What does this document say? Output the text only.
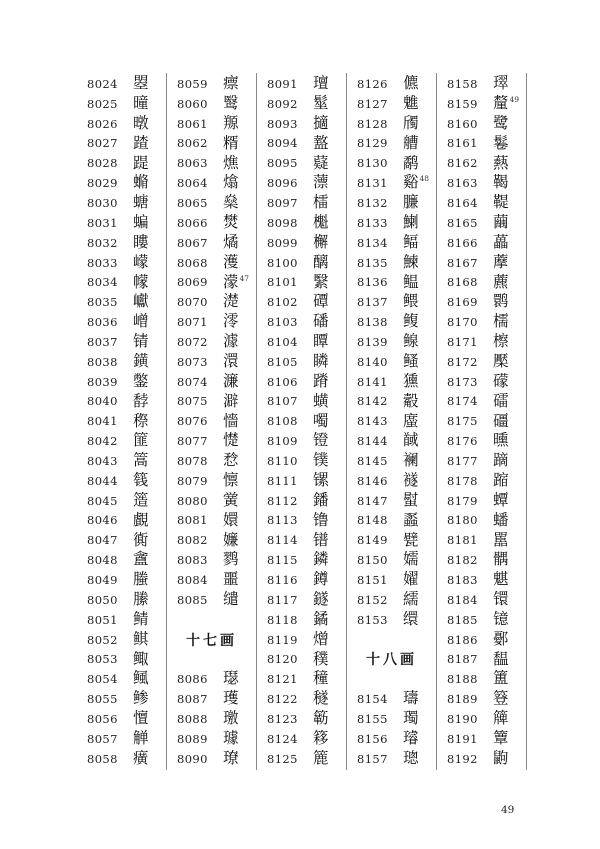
8024 曌
8025 曈
8026 暾
8027 蹅
8028 踶
8029 䗛
8030 螗
8031 蝙
8032 瞜
8033 㠓
8034 幪
8035 巘
8036 嶒
8037 锖
8038 鐄
8039 鐅
8040 馞
8041 穄
8042 篚
8043 篙
8044 篯
8045 簉
8046 覰
8047 衠
8048 盦
8049 螣
8050 縢
8051 鲭
8052 鲯
8053 鲰
8054 鲺
8055 鲹
8056 憻
8057 觯
8058 癀
8059 瘭
8060 鹥
8061 羱
8062 糈
8063 燋
8064 熻
8065 燊
8066 燓
8067 燏
8068 濩
8069 濛$^{47}$
8070 濋
8071 澪
8072 澽
8073 澴
8074 濂
8075 澼
8076 懎
8077 憷
8078 㥤
8079 懔
8080 黉
8081 嬛
8082 嬚
8083 鹨
8084 噩
8085 缱
十七画
8086 璱
8087 瓁
8088 璬
8089 璩
8090 璙
8091 璮
8092 髽
8093 擿
8094 盩
8095 薿
8096 薸
8097 檑
8098 櫆
8099 檞
8100 醨
8101 繄
8102 磹
8103 磻
8104 瞫
8105 瞵
8106 蹐
8107 蟥
8108 噣
8109 镫
8110 镤
8111 镙
8112 鐇
8113 镥
8114 镨
8115 鏻
8116 鐏
8117 鐩
8118 鐍
8119 熷
8120 穙
8121 穜
8122 穟
8123 簕
8124 簃
8125 簏
8126 儦
8127 魋
8128 斶
8129 艚
8130 鹬
8131 谿$^{48}$
8132 臁
8133 鯻
8134 鲾
8135 鰊
8136 鳁
8137 鳂
8138 鳆
8139 鳈
8140 鳋
8141 獯
8142 觳
8143 䗪
8144 馘
8145 襕
8146 襚
8147 螱
8148 蟸
8149 甓
8150 嬬
8151 嬥
8152 繻
8153 缳
十八画
8154 璹
8155 㻿
8156 璿
8157 璁
8158 璻
8159 釐$^{49}$
8160 鹭
8161 鬈
8162 爇
8163 鞨
8164 鞮
8165 繭
8166 藟
8167 藦
8168 藨
8169 鹮
8170 檽
8171 檫
8172 檿
8173 礞
8174 礌
8175 礓
8176 曛
8177 蹢
8178 蹜
8179 蟫
8180 蟠
8181 嚚
8182 髃
8183 魌
8184 镮
8185 镱
8186 鄾
8187 馧
8188 簠
8189 簦
8190 簰
8191 簟
8192 鼩
49
